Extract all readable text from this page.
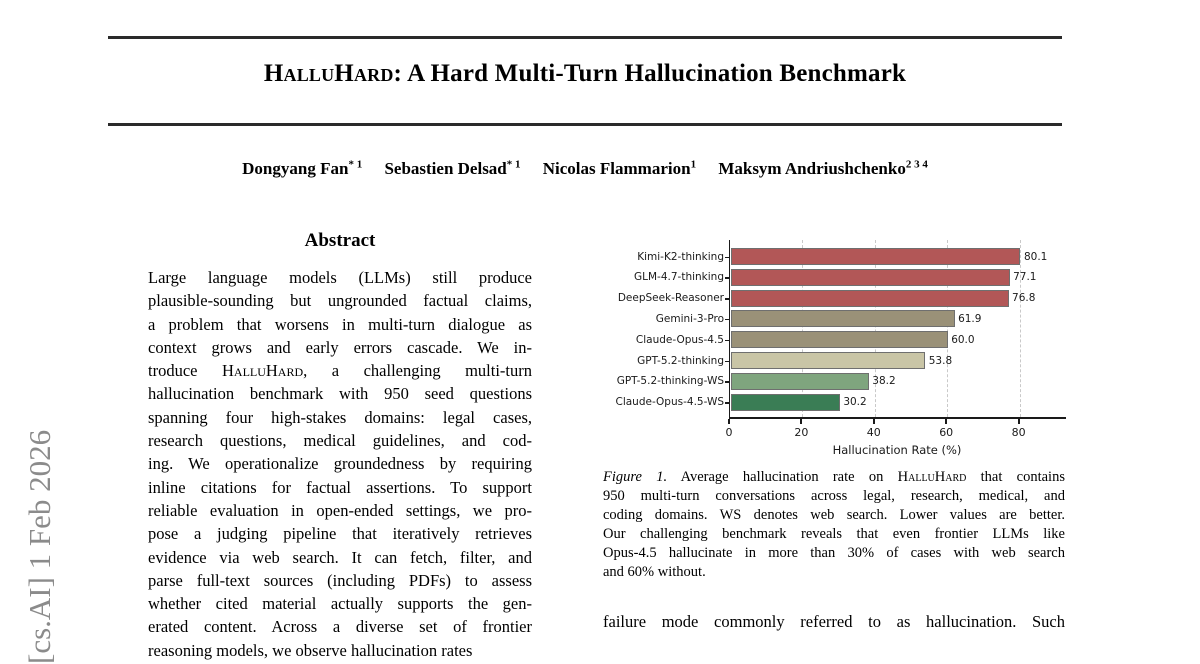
HalluHard: A Hard Multi-Turn Hallucination Benchmark
Dongyang Fan$^{* 1}$ Sebastien Delsad$^{* 1}$ Nicolas Flammarion$^1$ Maksym Andriushchenko$^{2 3 4}$
[cs.AI] 1 Feb 2026
Abstract
Large language models (LLMs) still produce
plausible-sounding but ungrounded factual claims,
a problem that worsens in multi-turn dialogue as
context grows and early errors cascade. We in-
troduce HalluHard, a challenging multi-turn
hallucination benchmark with 950 seed questions
spanning four high-stakes domains: legal cases,
research questions, medical guidelines, and cod-
ing. We operationalize groundedness by requiring
inline citations for factual assertions. To support
reliable evaluation in open-ended settings, we pro-
pose a judging pipeline that iteratively retrieves
evidence via web search. It can fetch, filter, and
parse full-text sources (including PDFs) to assess
whether cited material actually supports the gen-
erated content. Across a diverse set of frontier
reasoning models, we observe hallucination rates
0	20	40	60	80
Kimi-K2-thinking	80.1
GLM-4.7-thinking	77.1
DeepSeek-Reasoner	76.8
Gemini-3-Pro	61.9
Claude-Opus-4.5	60.0
GPT-5.2-thinking	53.8
GPT-5.2-thinking-WS	38.2
Claude-Opus-4.5-WS	30.2
Hallucination Rate (%)
Figure 1. Average hallucination rate on HalluHard that contains
950 multi-turn conversations across legal, research, medical, and
coding domains. WS denotes web search. Lower values are better.
Our challenging benchmark reveals that even frontier LLMs like
Opus-4.5 hallucinate in more than 30% of cases with web search
and 60% without.
failure mode commonly referred to as hallucination. Such
